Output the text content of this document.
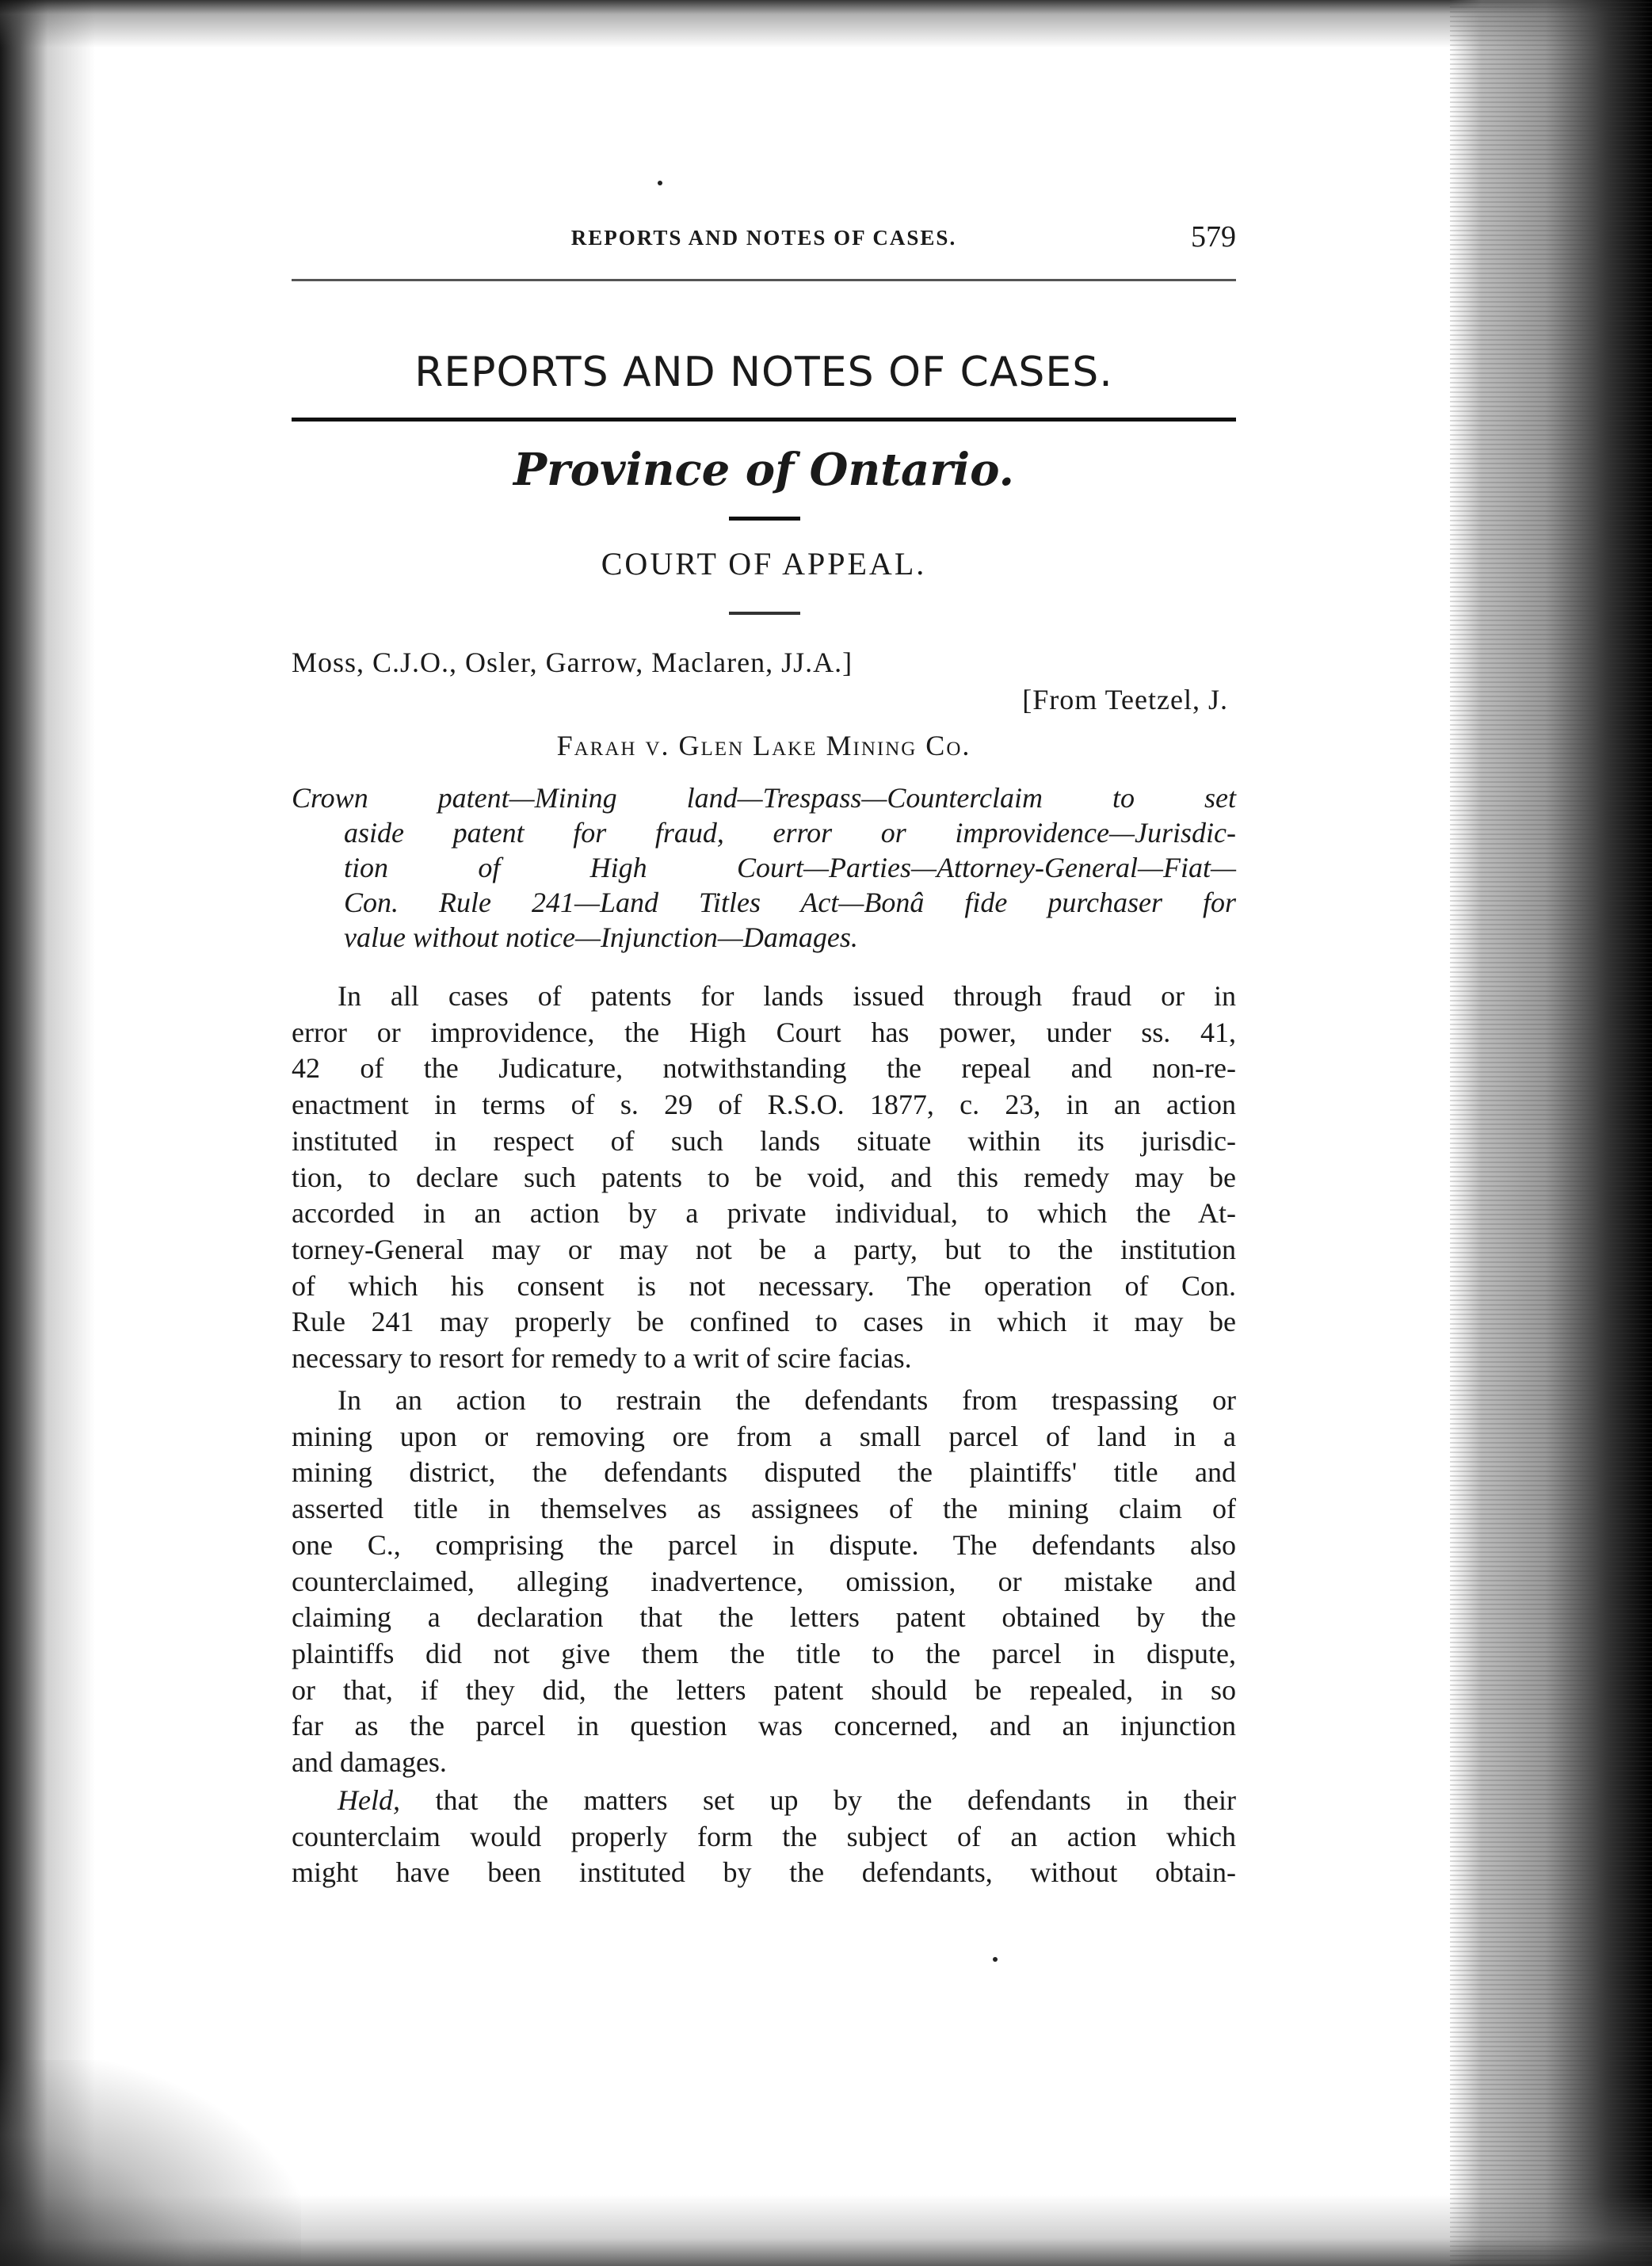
REPORTS AND NOTES OF CASES.	579
REPORTS AND NOTES OF CASES.
Province of Ontario.
COURT OF APPEAL.
Moss, C.J.O., Osler, Garrow, Maclaren, JJ.A.]
[From Teetzel, J.
Farah v. Glen Lake Mining Co.
Crown patent—Mining land—Trespass—Counterclaim to set
aside patent for fraud, error or improvidence—Jurisdic-
tion of High Court—Parties—Attorney-General—Fiat—
Con. Rule 241—Land Titles Act—Bonâ fide purchaser for
value without notice—Injunction—Damages.
In all cases of patents for lands issued through fraud or in
error or improvidence, the High Court has power, under ss. 41,
42 of the Judicature, notwithstanding the repeal and non-re-
enactment in terms of s. 29 of R.S.O. 1877, c. 23, in an action
instituted in respect of such lands situate within its jurisdic-
tion, to declare such patents to be void, and this remedy may be
accorded in an action by a private individual, to which the At-
torney-General may or may not be a party, but to the institution
of which his consent is not necessary. The operation of Con.
Rule 241 may properly be confined to cases in which it may be
necessary to resort for remedy to a writ of scire facias.
In an action to restrain the defendants from trespassing or
mining upon or removing ore from a small parcel of land in a
mining district, the defendants disputed the plaintiffs' title and
asserted title in themselves as assignees of the mining claim of
one C., comprising the parcel in dispute. The defendants also
counterclaimed, alleging inadvertence, omission, or mistake and
claiming a declaration that the letters patent obtained by the
plaintiffs did not give them the title to the parcel in dispute,
or that, if they did, the letters patent should be repealed, in so
far as the parcel in question was concerned, and an injunction
and damages.
Held, that the matters set up by the defendants in their
counterclaim would properly form the subject of an action which
might have been instituted by the defendants, without obtain-
